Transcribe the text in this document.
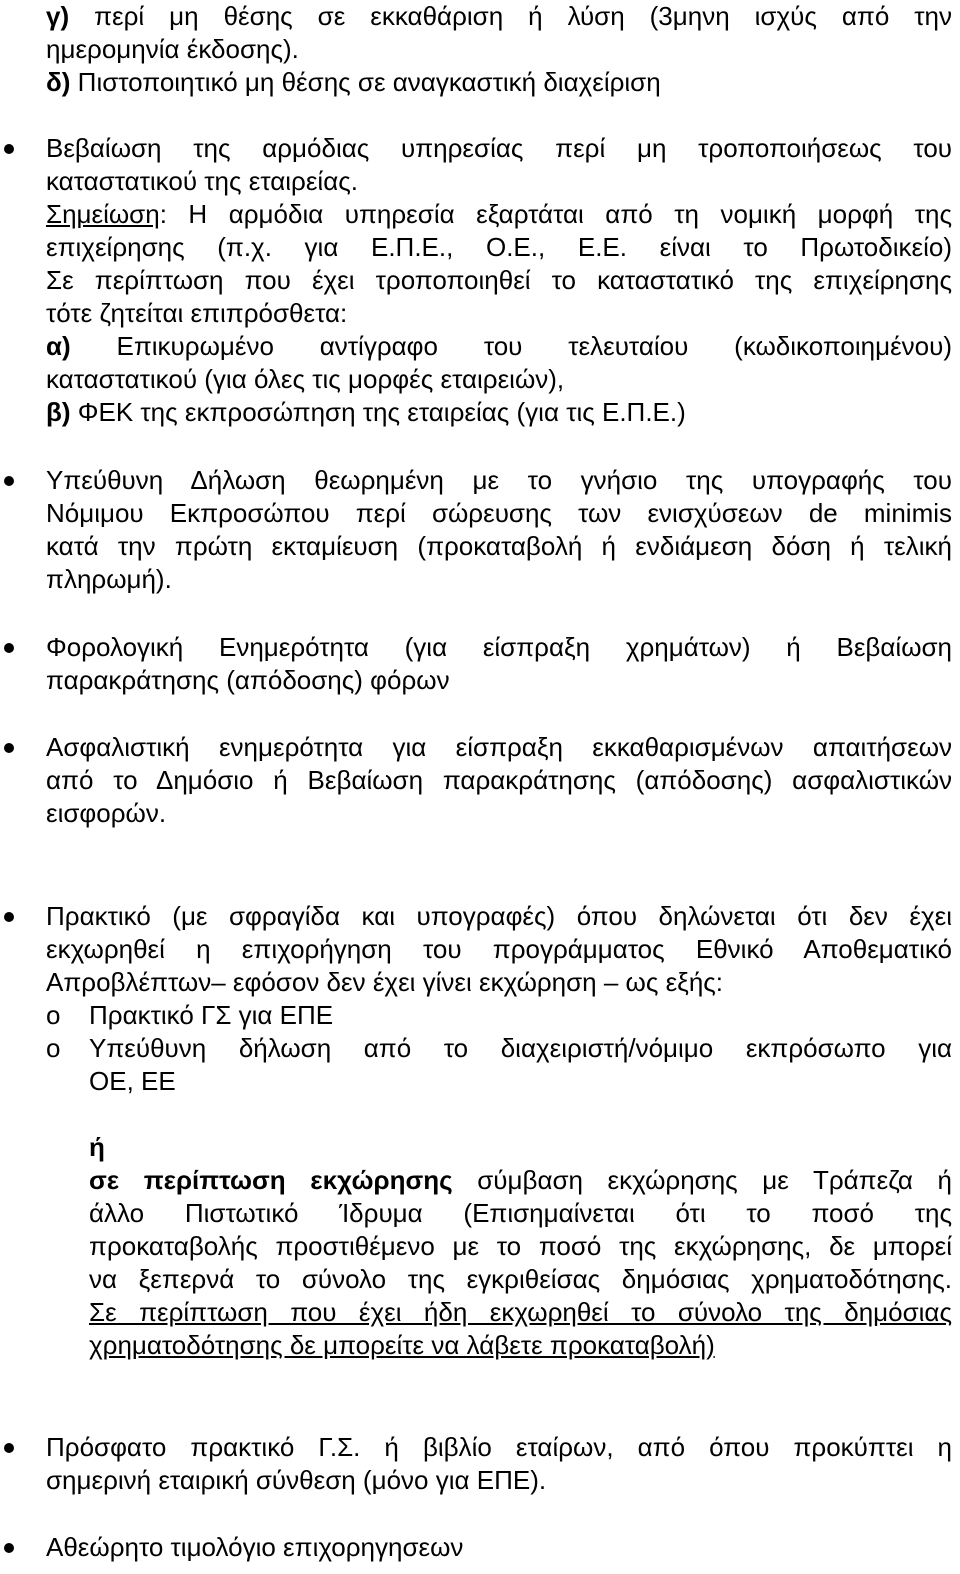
γ) περί μη θέσης σε εκκαθάριση ή λύση (3μηνη ισχύς από την
ημερομηνία έκδοσης).
δ) Πιστοποιητικό μη θέσης σε αναγκαστική διαχείριση
Βεβαίωση της αρμόδιας υπηρεσίας περί μη τροποποιήσεως του
καταστατικού της εταιρείας.
Σημείωση: Η αρμόδια υπηρεσία εξαρτάται από τη νομική μορφή της
επιχείρησης (π.χ. για Ε.Π.Ε., Ο.Ε., Ε.Ε. είναι το Πρωτοδικείο)
Σε περίπτωση που έχει τροποποιηθεί το καταστατικό της επιχείρησης
τότε ζητείται επιπρόσθετα:
α) Επικυρωμένο αντίγραφο του τελευταίου (κωδικοποιημένου)
καταστατικού (για όλες τις μορφές εταιρειών),
β) ΦΕΚ της εκπροσώπηση της εταιρείας (για τις Ε.Π.Ε.)
Υπεύθυνη Δήλωση θεωρημένη με το γνήσιο της υπογραφής του
Νόμιμου Εκπροσώπου περί σώρευσης των ενισχύσεων de minimis
κατά την πρώτη εκταμίευση (προκαταβολή ή ενδιάμεση δόση ή τελική
πληρωμή).
Φορολογική Ενημερότητα (για είσπραξη χρημάτων) ή Βεβαίωση
παρακράτησης (απόδοσης) φόρων
Ασφαλιστική ενημερότητα για είσπραξη εκκαθαρισμένων απαιτήσεων
από το Δημόσιο ή Βεβαίωση παρακράτησης (απόδοσης) ασφαλιστικών
εισφορών.
Πρακτικό (με σφραγίδα και υπογραφές) όπου δηλώνεται ότι δεν έχει
εκχωρηθεί η επιχορήγηση του προγράμματος Εθνικό Αποθεματικό
Απροβλέπτων– εφόσον δεν έχει γίνει εκχώρηση – ως εξής:
o Πρακτικό ΓΣ για ΕΠΕ
o Υπεύθυνη δήλωση από το διαχειριστή/νόμιμο εκπρόσωπο για
ΟΕ, ΕΕ
ή
σε περίπτωση εκχώρησης σύμβαση εκχώρησης με Τράπεζα ή
άλλο Πιστωτικό Ίδρυμα (Επισημαίνεται ότι το ποσό της
προκαταβολής προστιθέμενο με το ποσό της εκχώρησης, δε μπορεί
να ξεπερνά το σύνολο της εγκριθείσας δημόσιας χρηματοδότησης.
Σε περίπτωση που έχει ήδη εκχωρηθεί το σύνολο της δημόσιας
χρηματοδότησης δε μπορείτε να λάβετε προκαταβολή)
Πρόσφατο πρακτικό Γ.Σ. ή βιβλίο εταίρων, από όπου προκύπτει η
σημερινή εταιρική σύνθεση (μόνο για ΕΠΕ).
Αθεώρητο τιμολόγιο επιχορηγησεων
